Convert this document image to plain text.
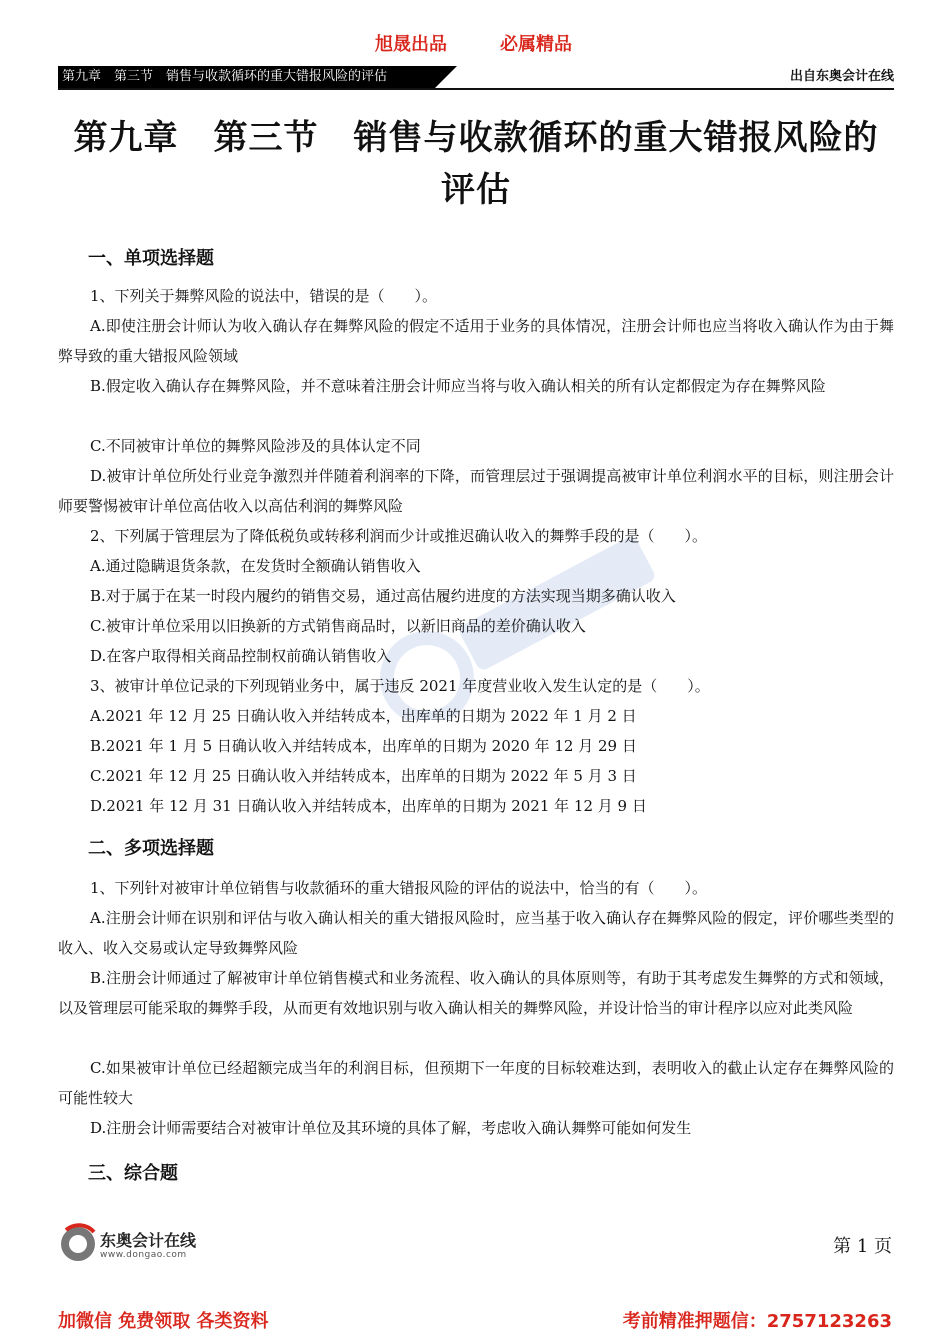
旭晟出品	必属精品
第九章　第三节　销售与收款循环的重大错报风险的评估	出自东奥会计在线
第九章　第三节　销售与收款循环的重大错报风险的
评估
一、单项选择题

1、下列关于舞弊风险的说法中，错误的是（　　）。

A.即使注册会计师认为收入确认存在舞弊风险的假定不适用于业务的具体情况，注册会计师也应当将收入确认作为由于舞弊导致的重大错报风险领域

B.假定收入确认存在舞弊风险，并不意味着注册会计师应当将与收入确认相关的所有认定都假定为存在舞弊风险

C.不同被审计单位的舞弊风险涉及的具体认定不同

D.被审计单位所处行业竞争激烈并伴随着利润率的下降，而管理层过于强调提高被审计单位利润水平的目标，则注册会计师要警惕被审计单位高估收入以高估利润的舞弊风险

2、下列属于管理层为了降低税负或转移利润而少计或推迟确认收入的舞弊手段的是（　　）。

A.通过隐瞒退货条款，在发货时全额确认销售收入

B.对于属于在某一时段内履约的销售交易，通过高估履约进度的方法实现当期多确认收入

C.被审计单位采用以旧换新的方式销售商品时，以新旧商品的差价确认收入

D.在客户取得相关商品控制权前确认销售收入

3、被审计单位记录的下列现销业务中，属于违反 2021 年度营业收入发生认定的是（　　）。

A.2021 年 12 月 25 日确认收入并结转成本，出库单的日期为 2022 年 1 月 2 日

B.2021 年 1 月 5 日确认收入并结转成本，出库单的日期为 2020 年 12 月 29 日

C.2021 年 12 月 25 日确认收入并结转成本，出库单的日期为 2022 年 5 月 3 日

D.2021 年 12 月 31 日确认收入并结转成本，出库单的日期为 2021 年 12 月 9 日

二、多项选择题

1、下列针对被审计单位销售与收款循环的重大错报风险的评估的说法中，恰当的有（　　）。

A.注册会计师在识别和评估与收入确认相关的重大错报风险时，应当基于收入确认存在舞弊风险的假定，评价哪些类型的收入、收入交易或认定导致舞弊风险

B.注册会计师通过了解被审计单位销售模式和业务流程、收入确认的具体原则等，有助于其考虑发生舞弊的方式和领域，以及管理层可能采取的舞弊手段，从而更有效地识别与收入确认相关的舞弊风险，并设计恰当的审计程序以应对此类风险

C.如果被审计单位已经超额完成当年的利润目标，但预期下一年度的目标较难达到，表明收入的截止认定存在舞弊风险的可能性较大

D.注册会计师需要结合对被审计单位及其环境的具体了解，考虑收入确认舞弊可能如何发生

三、综合题
东奥会计在线
www.dongao.com	第 1 页
加微信 免费领取 各类资料	考前精准押题信：2757123263
